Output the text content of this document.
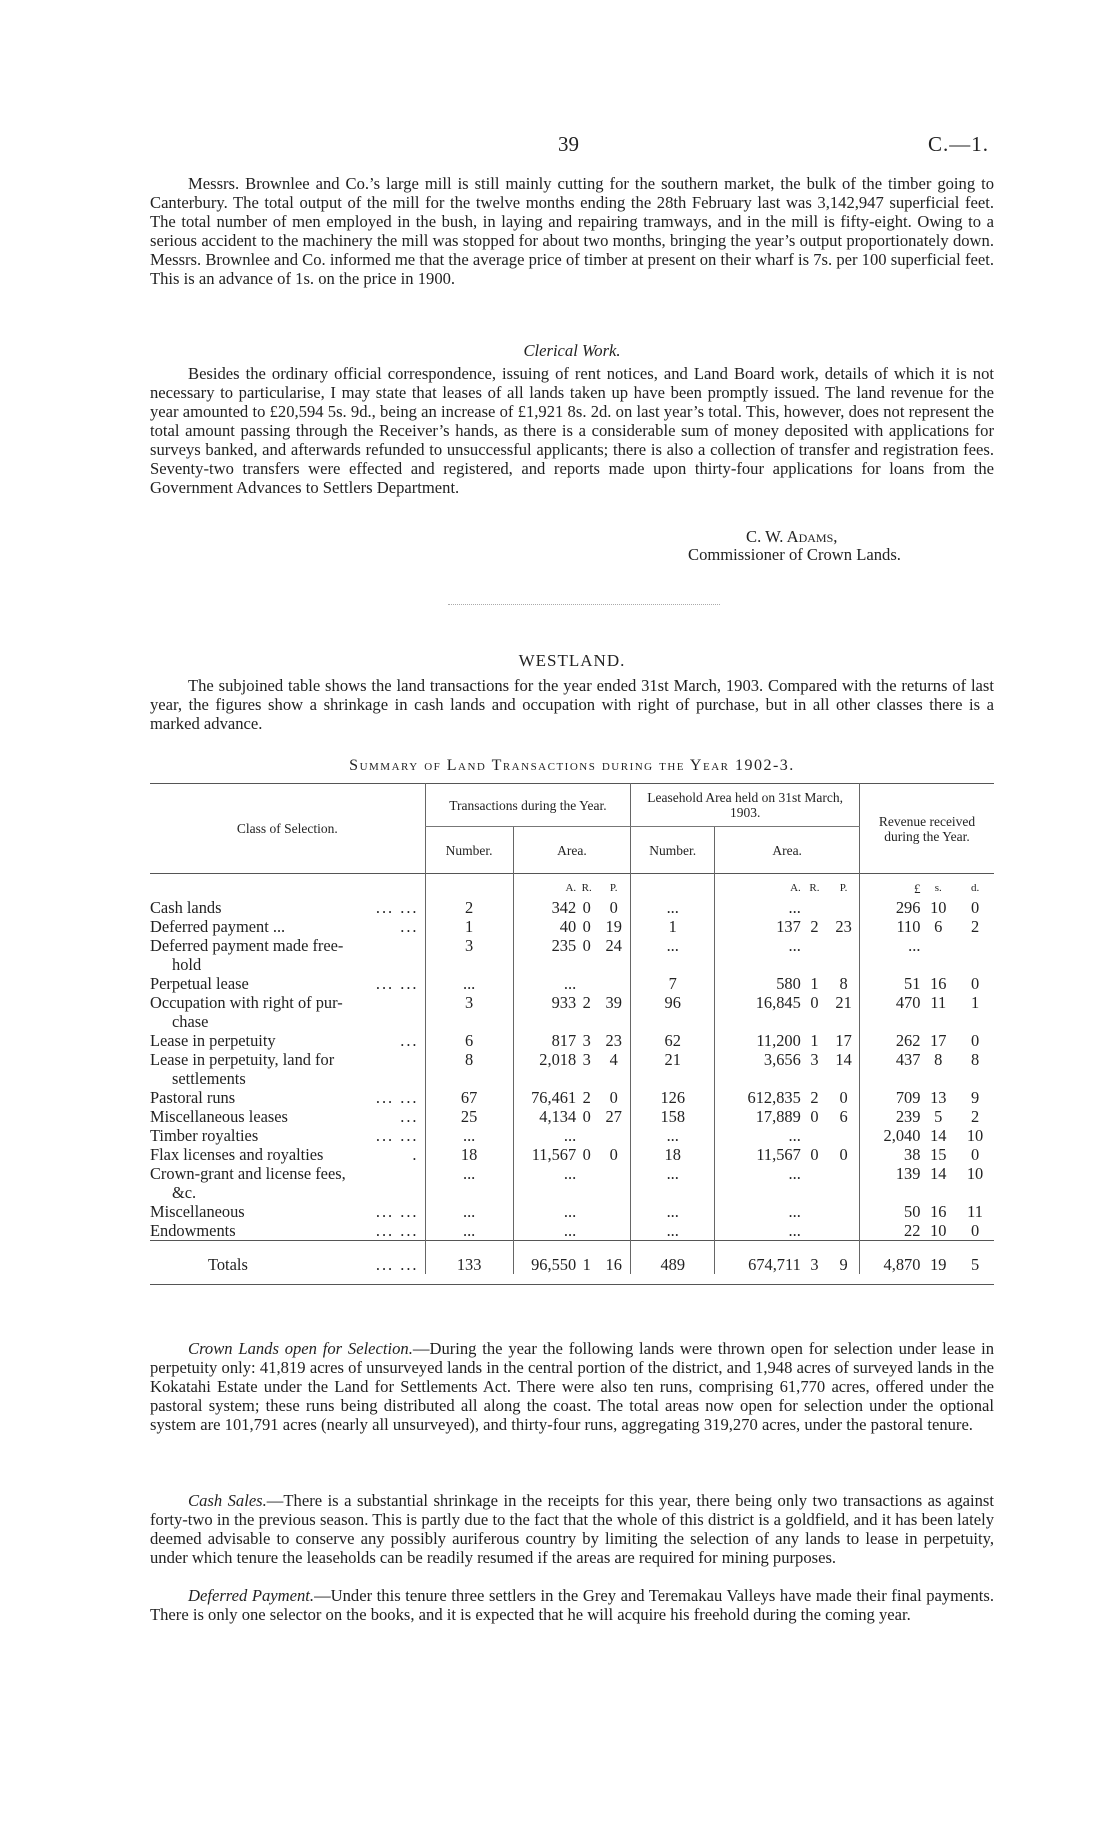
39	C.—1.
Messrs. Brownlee and Co.’s large mill is still mainly cutting for the southern market, the bulk of the timber going to Canterbury. The total output of the mill for the twelve months ending the 28th February last was 3,142,947 superficial feet. The total number of men employed in the bush, in laying and repairing tramways, and in the mill is fifty-eight. Owing to a serious accident to the machinery the mill was stopped for about two months, bringing the year’s output proportionately down. Messrs. Brownlee and Co. informed me that the average price of timber at present on their wharf is 7s. per 100 superficial feet. This is an advance of 1s. on the price in 1900.
Clerical Work.
Besides the ordinary official correspondence, issuing of rent notices, and Land Board work, details of which it is not necessary to particularise, I may state that leases of all lands taken up have been promptly issued. The land revenue for the year amounted to £20,594 5s. 9d., being an increase of £1,921 8s. 2d. on last year’s total. This, however, does not represent the total amount passing through the Receiver’s hands, as there is a considerable sum of money deposited with applications for surveys banked, and afterwards refunded to unsuccessful applicants; there is also a collection of transfer and registration fees. Seventy-two transfers were effected and registered, and reports made upon thirty-four applications for loans from the Government Advances to Settlers Department.
C. W. Adams,
Commissioner of Crown Lands.
WESTLAND.
The subjoined table shows the land transactions for the year ended 31st March, 1903. Compared with the returns of last year, the figures show a shrinkage in cash lands and occupation with right of purchase, but in all other classes there is a marked advance.
Summary of Land Transactions during the Year 1902-3.
Class of Selection.	Transactions during the Year.				Leasehold Area held on 31st March, 1903.				Revenue received during the Year.		
	Number.	Area.			Number.	Area.					
		A.	R.	P.		A.	R.	P.	£	s.	d.

... ...
Cash lands	2	342	0	0	...	...			296	10	0

...
Deferred payment ...	1	40	0	19	1	137	2	23	110	6	2

Deferred payment made free-
hold	3	235	0	24	...	...			...		

... ...
Perpetual lease	...	...			7	580	1	8	51	16	0

Occupation with right of pur-
chase	3	933	2	39	96	16,845	0	21	470	11	1

...
Lease in perpetuity	6	817	3	23	62	11,200	1	17	262	17	0

Lease in perpetuity, land for
settlements	8	2,018	3	4	21	3,656	3	14	437	8	8

... ...
Pastoral runs	67	76,461	2	0	126	612,835	2	0	709	13	9

...
Miscellaneous leases	25	4,134	0	27	158	17,889	0	6	239	5	2

... ...
Timber royalties	...	...			...	...			2,040	14	10

.
Flax licenses and royalties	18	11,567	0	0	18	11,567	0	0	38	15	0

Crown-grant and license fees,
&c.	...	...			...	...			139	14	10

... ...
Miscellaneous	...	...			...	...			50	16	11

... ...
Endowments	...	...			...	...			22	10	0
Totals ... ...	133	96,550	1	16	489	674,711	3	9	4,870	19	5

Crown Lands open for Selection.—During the year the following lands were thrown open for selection under lease in perpetuity only: 41,819 acres of unsurveyed lands in the central portion of the district, and 1,948 acres of surveyed lands in the Kokatahi Estate under the Land for Settlements Act. There were also ten runs, comprising 61,770 acres, offered under the pastoral system; these runs being distributed all along the coast. The total areas now open for selection under the optional system are 101,791 acres (nearly all unsurveyed), and thirty-four runs, aggregating 319,270 acres, under the pastoral tenure.
Cash Sales.—There is a substantial shrinkage in the receipts for this year, there being only two transactions as against forty-two in the previous season. This is partly due to the fact that the whole of this district is a goldfield, and it has been lately deemed advisable to conserve any possibly auriferous country by limiting the selection of any lands to lease in perpetuity, under which tenure the leaseholds can be readily resumed if the areas are required for mining purposes.
Deferred Payment.—Under this tenure three settlers in the Grey and Teremakau Valleys have made their final payments. There is only one selector on the books, and it is expected that he will acquire his freehold during the coming year.
